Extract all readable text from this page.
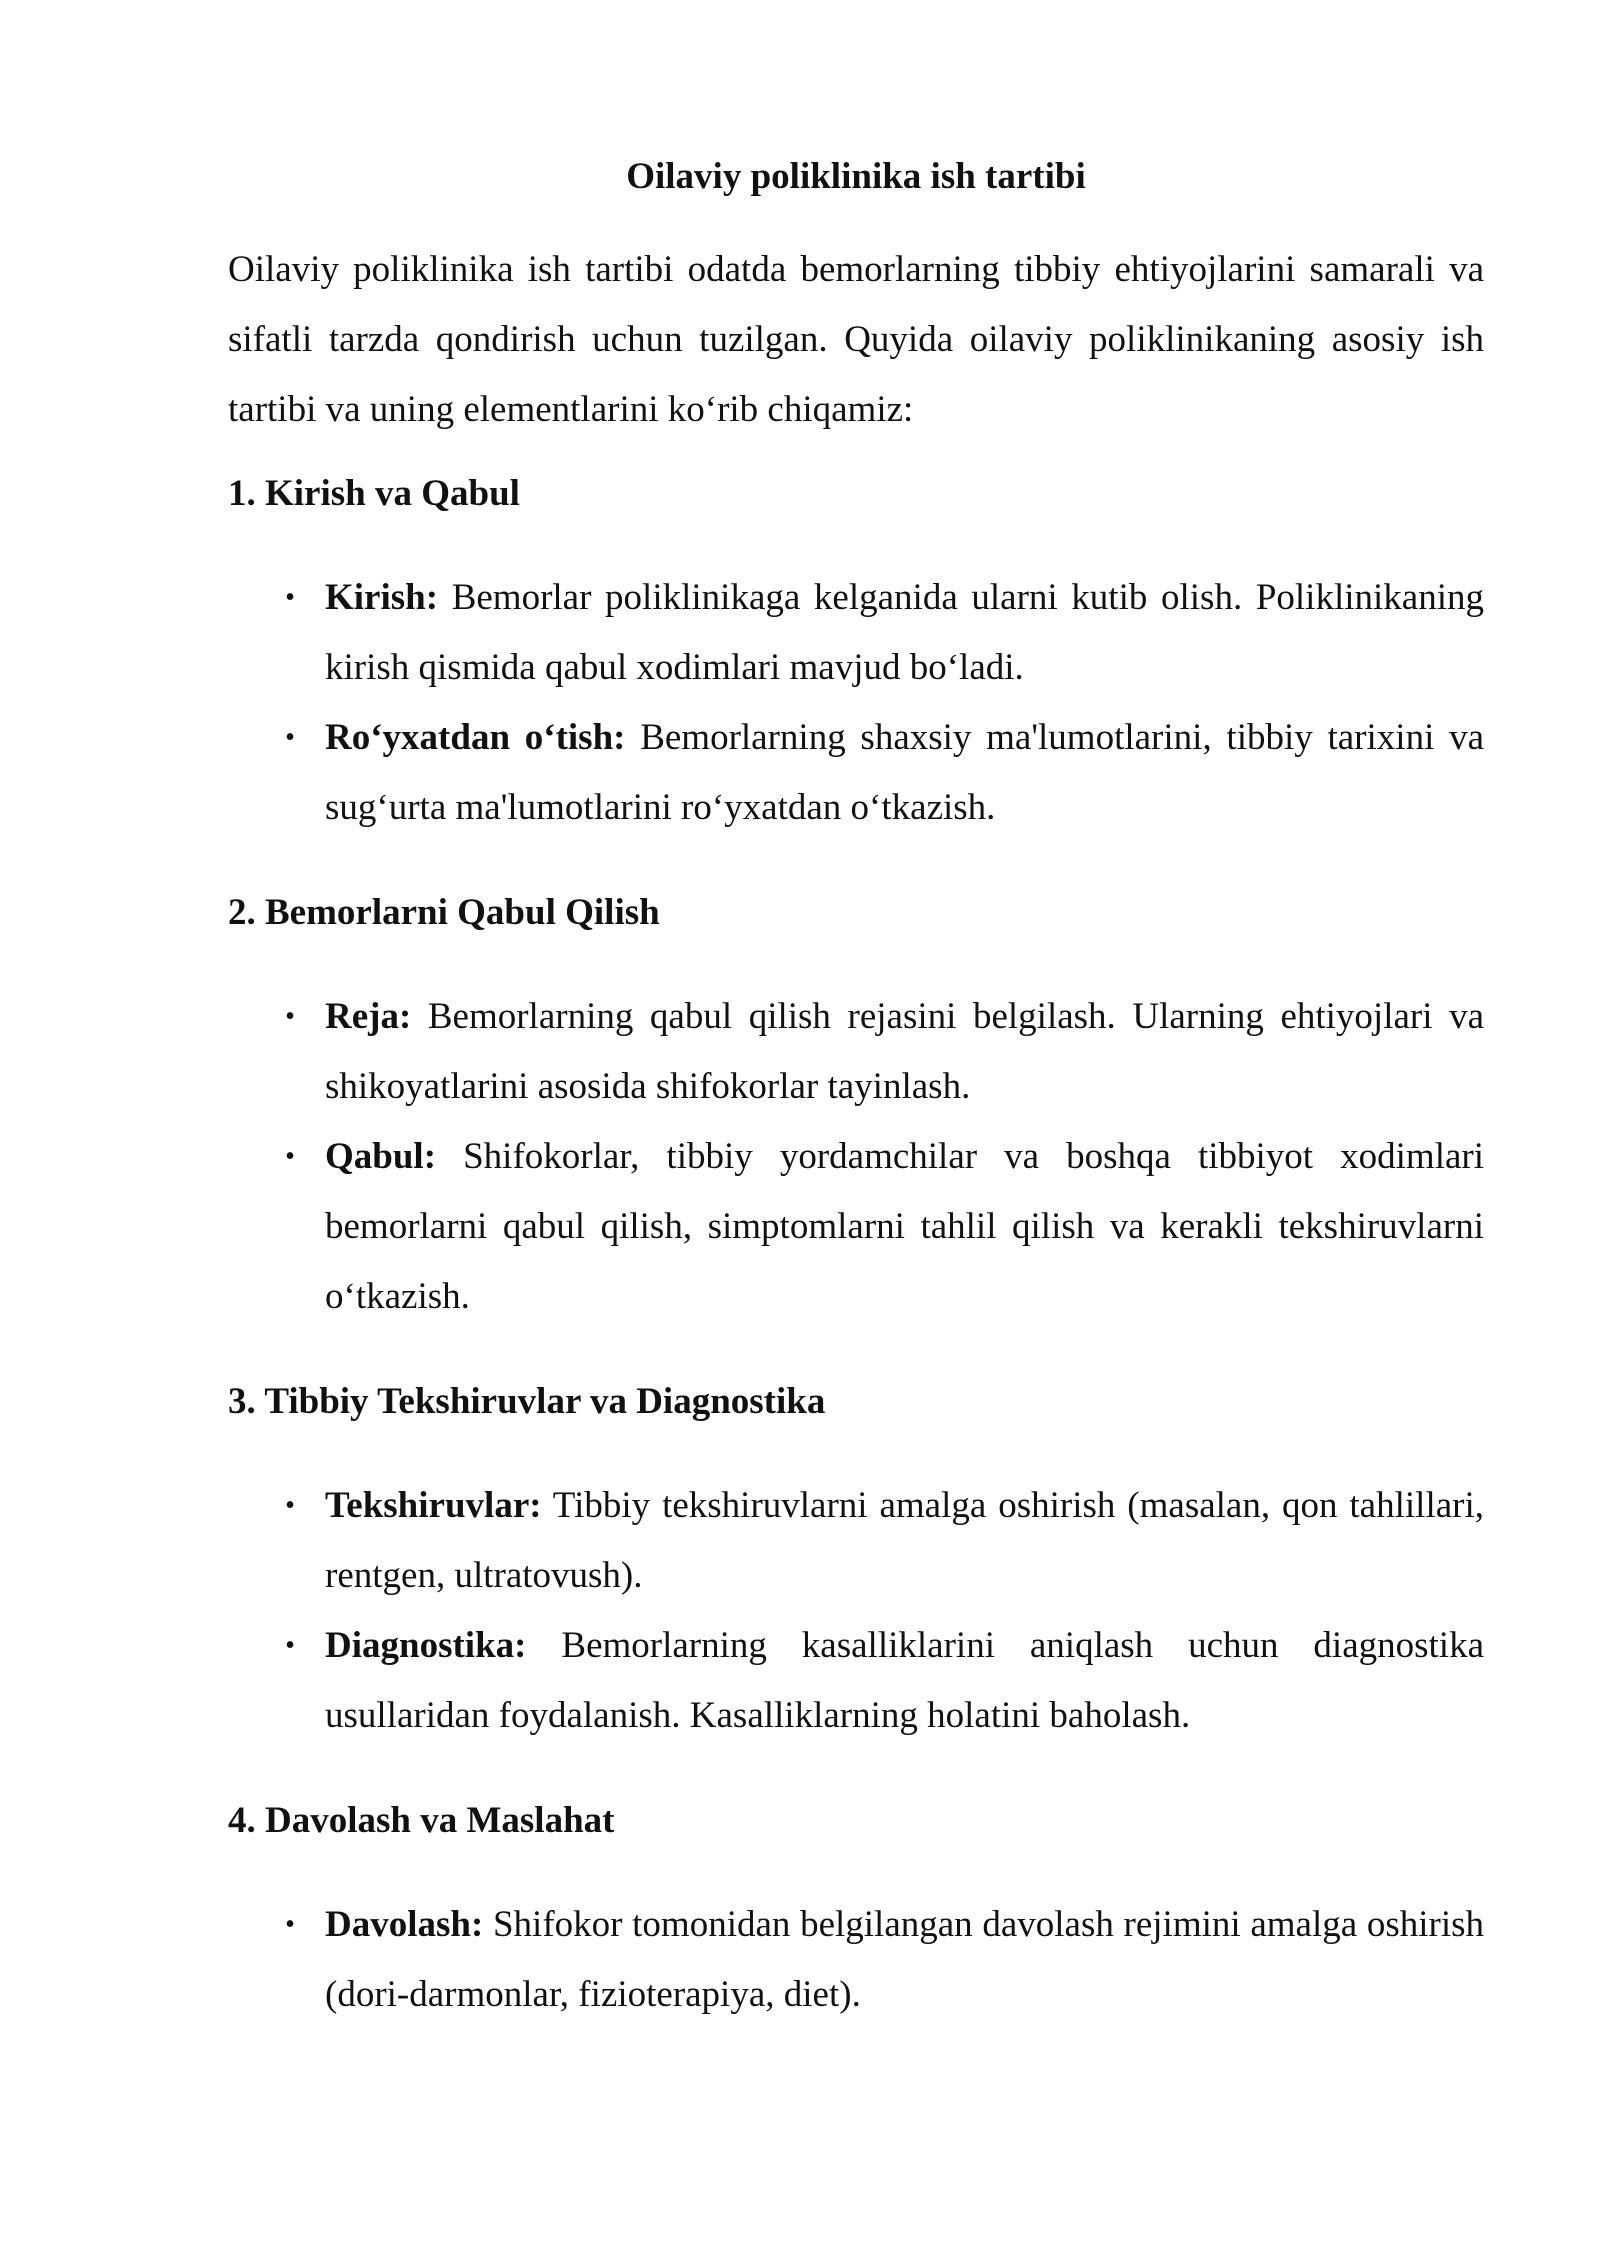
Oilaviy poliklinika ish tartibi

Oilaviy poliklinika ish tartibi odatda bemorlarning tibbiy ehtiyojlarini samarali va sifatli tarzda qondirish uchun tuzilgan. Quyida oilaviy poliklinikaning asosiy ish tartibi va uning elementlarini ko‘rib chiqamiz:

1. Kirish va Qabul
• Kirish: Bemorlar poliklinikaga kelganida ularni kutib olish. Poliklinikaning kirish qismida qabul xodimlari mavjud bo‘ladi.
• Ro‘yxatdan o‘tish: Bemorlarning shaxsiy ma'lumotlarini, tibbiy tarixini va sug‘urta ma'lumotlarini ro‘yxatdan o‘tkazish.
2. Bemorlarni Qabul Qilish
• Reja: Bemorlarning qabul qilish rejasini belgilash. Ularning ehtiyojlari va shikoyatlarini asosida shifokorlar tayinlash.
• Qabul: Shifokorlar, tibbiy yordamchilar va boshqa tibbiyot xodimlari bemorlarni qabul qilish, simptomlarni tahlil qilish va kerakli tekshiruvlarni o‘tkazish.
3. Tibbiy Tekshiruvlar va Diagnostika
• Tekshiruvlar: Tibbiy tekshiruvlarni amalga oshirish (masalan, qon tahlillari, rentgen, ultratovush).
• Diagnostika: Bemorlarning kasalliklarini aniqlash uchun diagnostika usullaridan foydalanish. Kasalliklarning holatini baholash.
4. Davolash va Maslahat
• Davolash: Shifokor tomonidan belgilangan davolash rejimini amalga oshirish (dori-darmonlar, fizioterapiya, diet).
